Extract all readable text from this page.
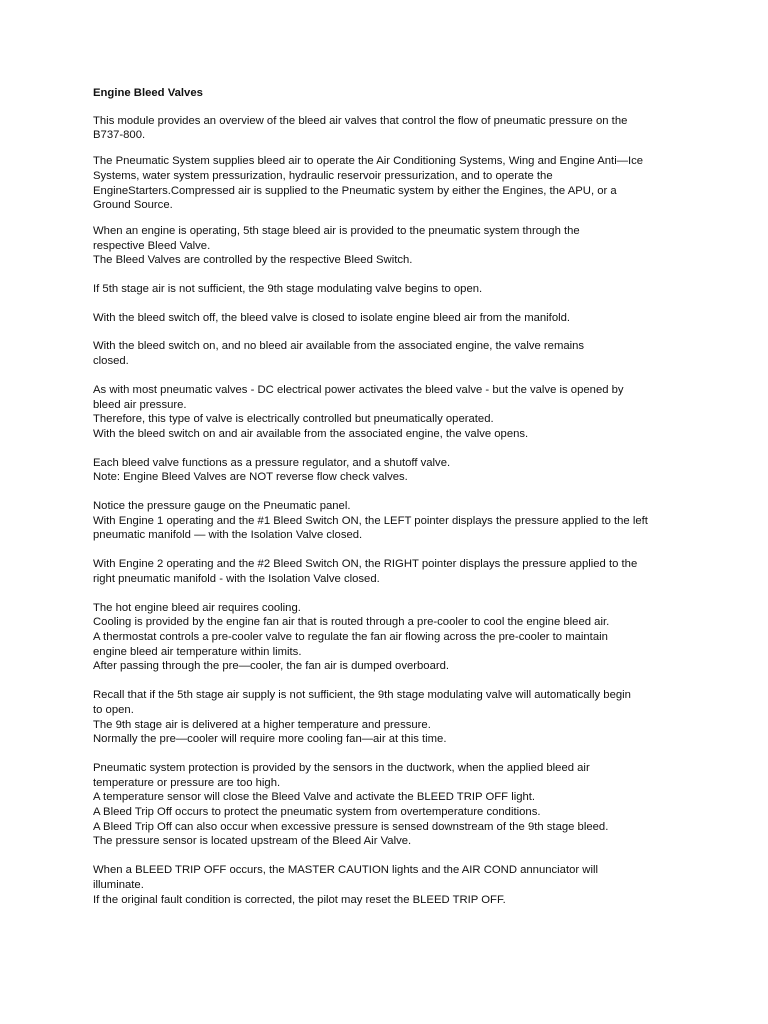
Engine Bleed Valves

This module provides an overview of the bleed air valves that control the flow of pneumatic pressure on the
B737-800.

The Pneumatic System supplies bleed air to operate the Air Conditioning Systems, Wing and Engine Anti—Ice
Systems, water system pressurization, hydraulic reservoir pressurization, and to operate the
EngineStarters.Compressed air is supplied to the Pneumatic system by either the Engines, the APU, or a
Ground Source.

When an engine is operating, 5th stage bleed air is provided to the pneumatic system through the
respective Bleed Valve.
The Bleed Valves are controlled by the respective Bleed Switch.

If 5th stage air is not sufficient, the 9th stage modulating valve begins to open.

With the bleed switch off, the bleed valve is closed to isolate engine bleed air from the manifold.

With the bleed switch on, and no bleed air available from the associated engine, the valve remains
closed.

As with most pneumatic valves - DC electrical power activates the bleed valve - but the valve is opened by
bleed air pressure.
Therefore, this type of valve is electrically controlled but pneumatically operated.
With the bleed switch on and air available from the associated engine, the valve opens.

Each bleed valve functions as a pressure regulator, and a shutoff valve.
Note: Engine Bleed Valves are NOT reverse flow check valves.

Notice the pressure gauge on the Pneumatic panel.
With Engine 1 operating and the #1 Bleed Switch ON, the LEFT pointer displays the pressure applied to the left
pneumatic manifold — with the Isolation Valve closed.

With Engine 2 operating and the #2 Bleed Switch ON, the RIGHT pointer displays the pressure applied to the
right pneumatic manifold - with the Isolation Valve closed.

The hot engine bleed air requires cooling.
Cooling is provided by the engine fan air that is routed through a pre-cooler to cool the engine bleed air.
A thermostat controls a pre-cooler valve to regulate the fan air flowing across the pre-cooler to maintain
engine bleed air temperature within limits.
After passing through the pre—cooler, the fan air is dumped overboard.

Recall that if the 5th stage air supply is not sufficient, the 9th stage modulating valve will automatically begin
to open.
The 9th stage air is delivered at a higher temperature and pressure.
Normally the pre—cooler will require more cooling fan—air at this time.

Pneumatic system protection is provided by the sensors in the ductwork, when the applied bleed air
temperature or pressure are too high.
A temperature sensor will close the Bleed Valve and activate the BLEED TRIP OFF light.
A Bleed Trip Off occurs to protect the pneumatic system from overtemperature conditions.
A Bleed Trip Off can also occur when excessive pressure is sensed downstream of the 9th stage bleed.
The pressure sensor is located upstream of the Bleed Air Valve.

When a BLEED TRIP OFF occurs, the MASTER CAUTION lights and the AIR COND annunciator will
illuminate.
If the original fault condition is corrected, the pilot may reset the BLEED TRIP OFF.
